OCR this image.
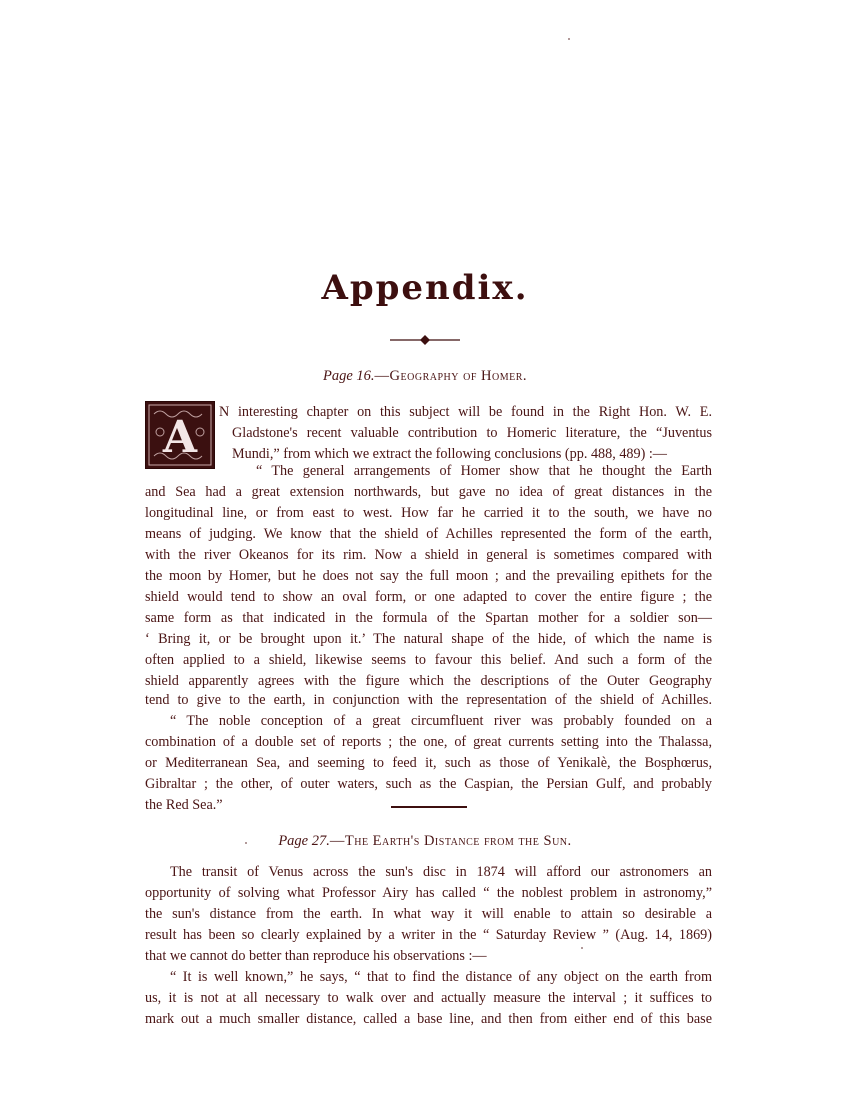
Appendix.
Page 16.—Geography of Homer.
A N interesting chapter on this subject will be found in the Right Hon. W. E.
Gladstone's recent valuable contribution to Homeric literature, the “Juventus
Mundi,” from which we extract the following conclusions (pp. 488, 489) :—
“ The general arrangements of Homer show that he thought the Earth
and Sea had a great extension northwards, but gave no idea of great distances in the
longitudinal line, or from east to west. How far he carried it to the south, we have no
means of judging. We know that the shield of Achilles represented the form of the earth,
with the river Okeanos for its rim. Now a shield in general is sometimes compared with
the moon by Homer, but he does not say the full moon ; and the prevailing epithets for the
shield would tend to show an oval form, or one adapted to cover the entire figure ; the
same form as that indicated in the formula of the Spartan mother for a soldier son—
‘ Bring it, or be brought upon it.’ The natural shape of the hide, of which the name is
often applied to a shield, likewise seems to favour this belief. And such a form of the
shield apparently agrees with the figure which the descriptions of the Outer Geography
tend to give to the earth, in conjunction with the representation of the shield of Achilles.
“ The noble conception of a great circumfluent river was probably founded on a
combination of a double set of reports ; the one, of great currents setting into the Thalassa,
or Mediterranean Sea, and seeming to feed it, such as those of Yenikalè, the Bosphœrus,
Gibraltar ; the other, of outer waters, such as the Caspian, the Persian Gulf, and probably
the Red Sea.”
Page 27.—The Earth's Distance from the Sun.
The transit of Venus across the sun's disc in 1874 will afford our astronomers an
opportunity of solving what Professor Airy has called “ the noblest problem in astronomy,”
the sun's distance from the earth. In what way it will enable to attain so desirable a
result has been so clearly explained by a writer in the “ Saturday Review ” (Aug. 14, 1869)
that we cannot do better than reproduce his observations :—
“ It is well known,” he says, “ that to find the distance of any object on the earth from
us, it is not at all necessary to walk over and actually measure the interval ; it suffices to
mark out a much smaller distance, called a base line, and then from either end of this base
